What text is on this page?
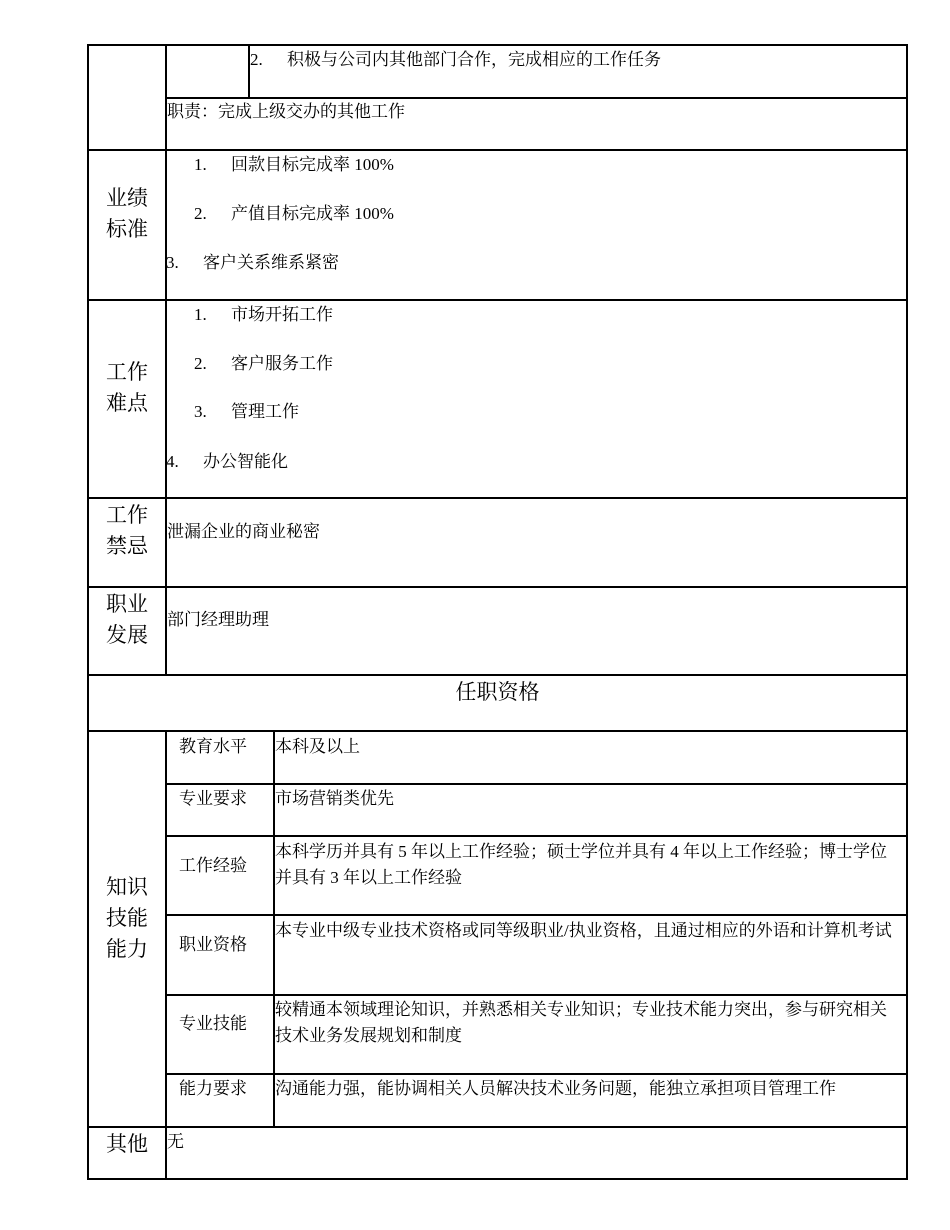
2. 积极与公司内其他部门合作，完成相应的工作任务
职责：完成上级交办的其他工作
业绩
标准
1. 回款目标完成率 100%
2. 产值目标完成率 100%
3. 客户关系维系紧密
工作
难点
1. 市场开拓工作
2. 客户服务工作
3. 管理工作
4. 办公智能化
工作
禁忌
泄漏企业的商业秘密
职业
发展
部门经理助理
任职资格
知识
技能
能力
教育水平 本科及以上
专业要求 市场营销类优先
工作经验
本科学历并具有 5 年以上工作经验；硕士学位并具有 4 年以上工作经验；博士学位并具有 3 年以上工作经验
职业资格
本专业中级专业技术资格或同等级职业/执业资格，且通过相应的外语和计算机考试
专业技能
较精通本领域理论知识，并熟悉相关专业知识；专业技术能力突出，参与研究相关技术业务发展规划和制度
能力要求 沟通能力强，能协调相关人员解决技术业务问题，能独立承担项目管理工作
其他	无
